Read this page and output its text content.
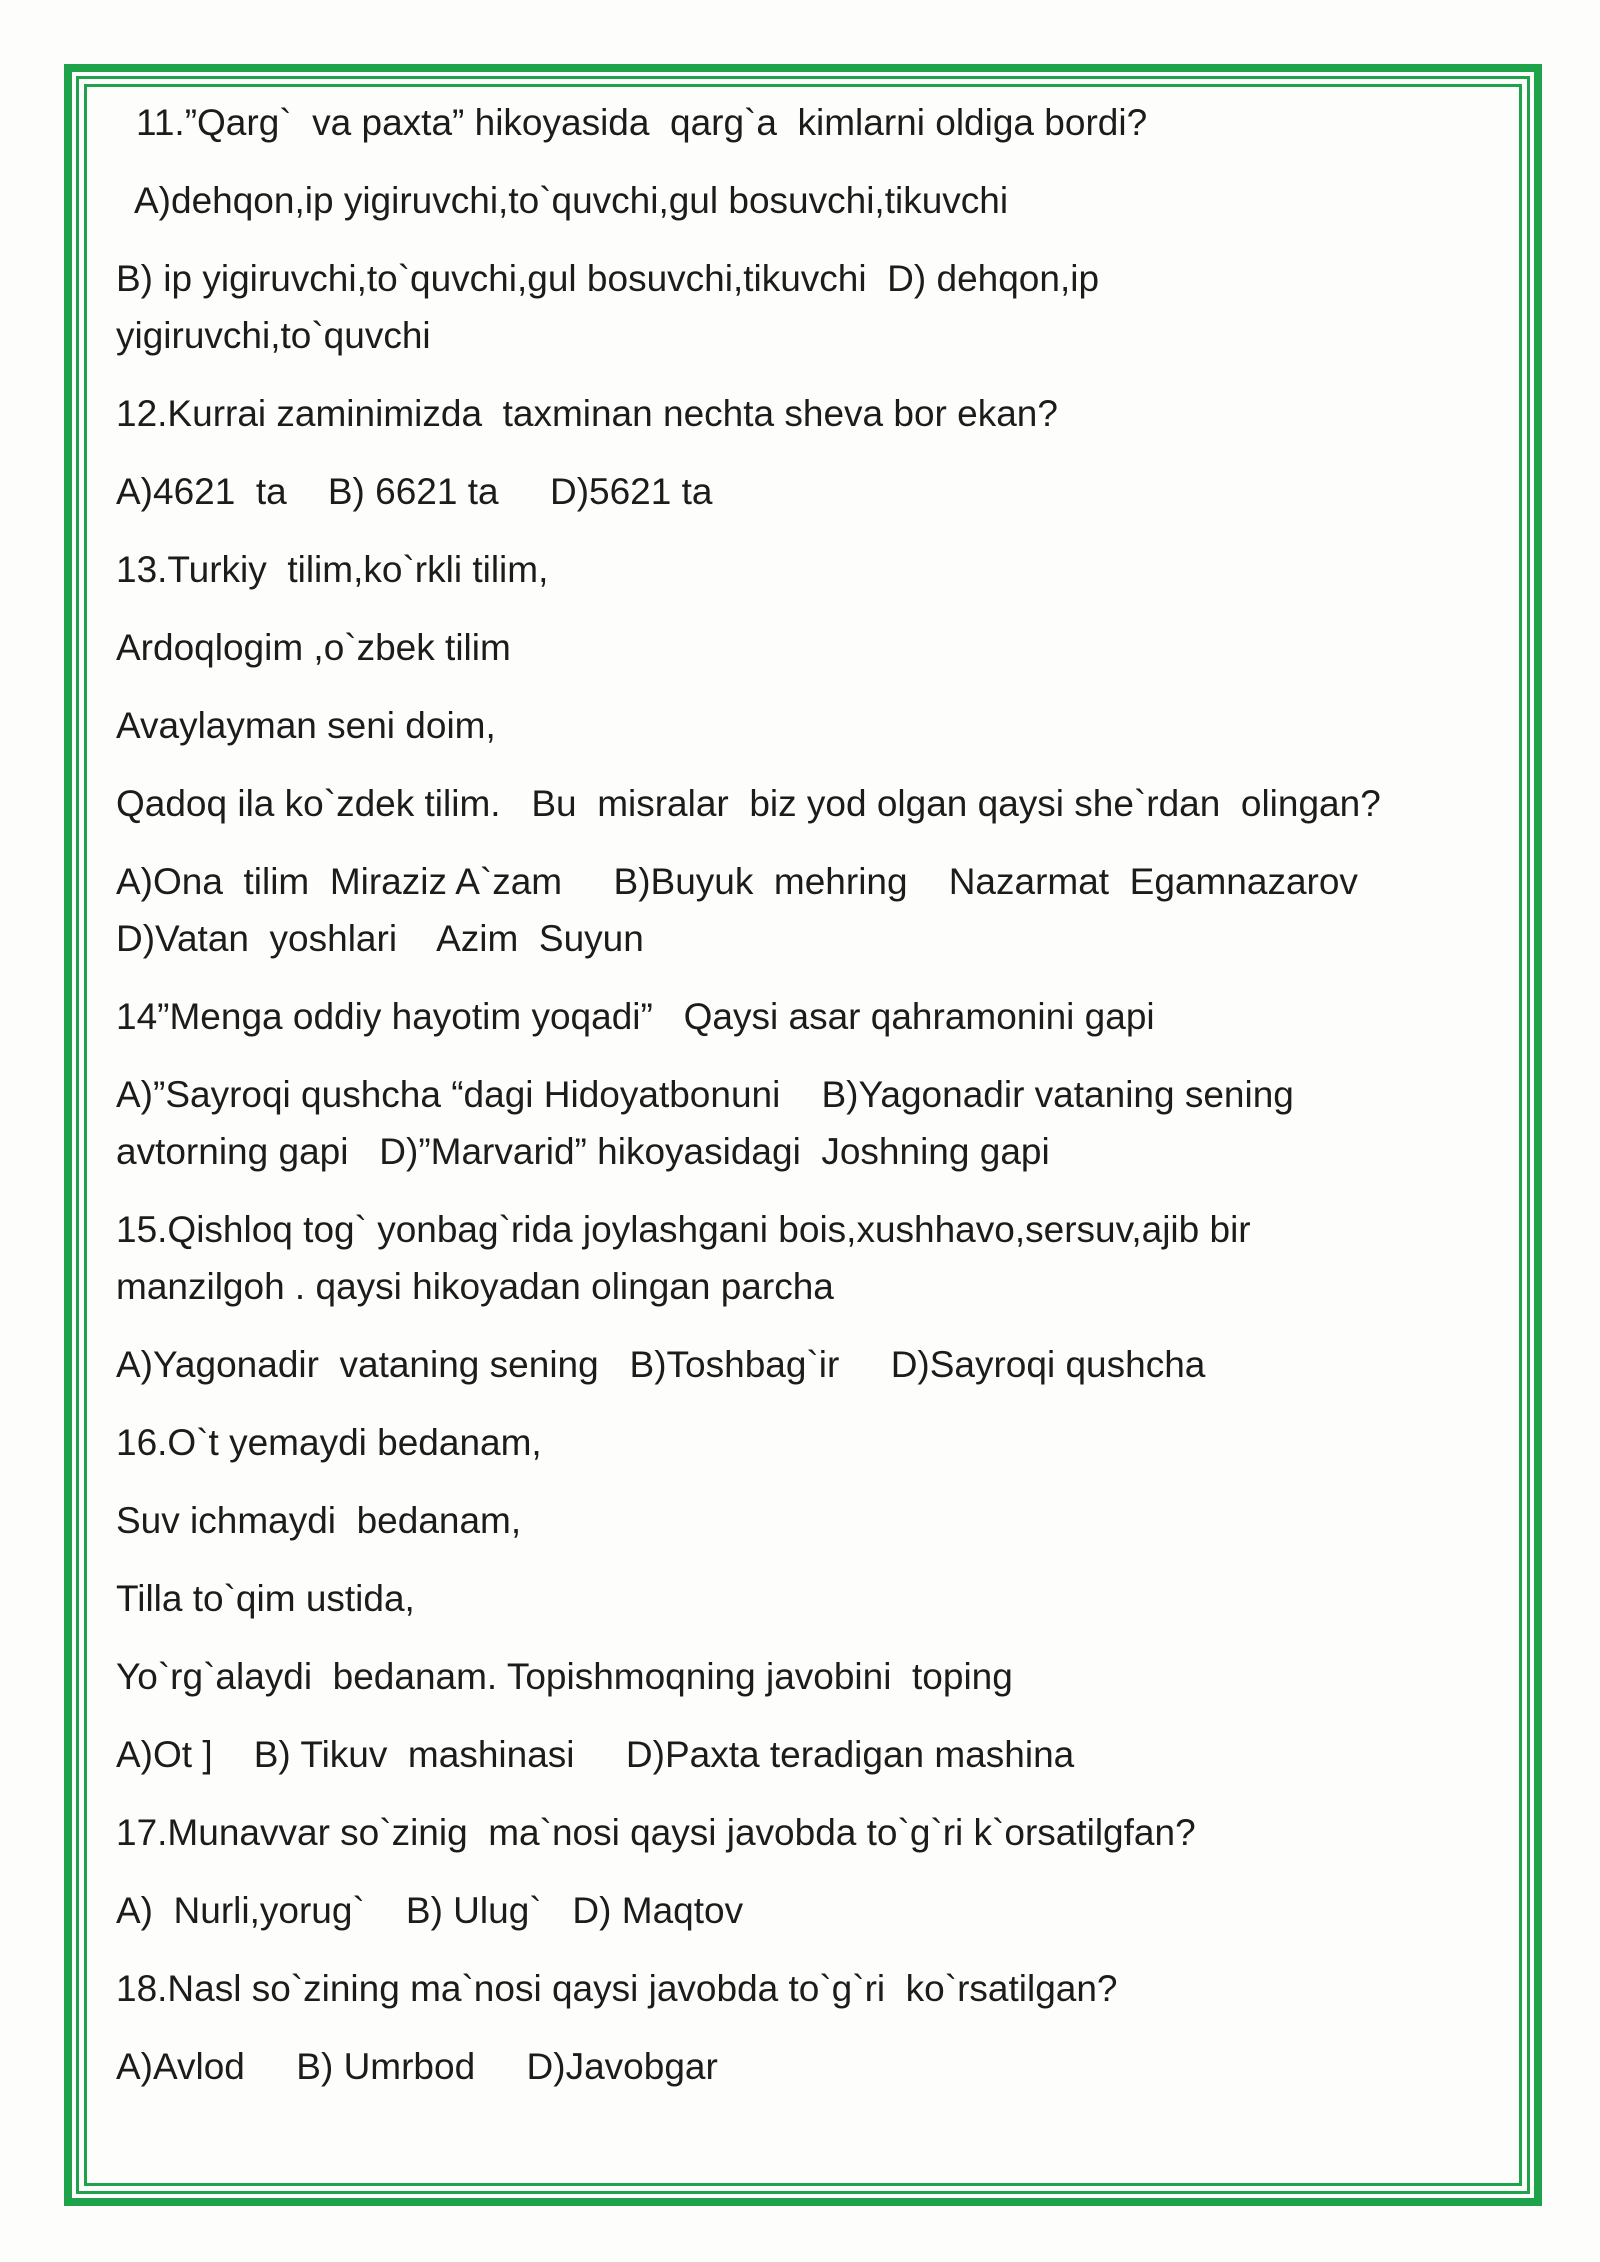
11.”Qarg`  va paxta” hikoyasida  qarg`a  kimlarni oldiga bordi?
A)dehqon,ip yigiruvchi,to`quvchi,gul bosuvchi,tikuvchi
B) ip yigiruvchi,to`quvchi,gul bosuvchi,tikuvchi  D) dehqon,ip
yigiruvchi,to`quvchi
12.Kurrai zaminimizda  taxminan nechta sheva bor ekan?
A)4621  ta    B) 6621 ta     D)5621 ta
13.Turkiy  tilim,ko`rkli tilim,
Ardoqlogim ,o`zbek tilim
Avaylayman seni doim,
Qadoq ila ko`zdek tilim.   Bu  misralar  biz yod olgan qaysi she`rdan  olingan?
A)Ona  tilim  Miraziz A`zam     B)Buyuk  mehring    Nazarmat  Egamnazarov
D)Vatan  yoshlari    Azim  Suyun
14”Menga oddiy hayotim yoqadi”   Qaysi asar qahramonini gapi
A)”Sayroqi qushcha “dagi Hidoyatbonuni    B)Yagonadir vataning sening
avtorning gapi   D)”Marvarid” hikoyasidagi  Joshning gapi
15.Qishloq tog` yonbag`rida joylashgani bois,xushhavo,sersuv,ajib bir
manzilgoh . qaysi hikoyadan olingan parcha
A)Yagonadir  vataning sening   B)Toshbag`ir     D)Sayroqi qushcha
16.O`t yemaydi bedanam,
Suv ichmaydi  bedanam,
Tilla to`qim ustida,
Yo`rg`alaydi  bedanam. Topishmoqning javobini  toping
A)Ot ]    B) Tikuv  mashinasi     D)Paxta teradigan mashina
17.Munavvar so`zinig  ma`nosi qaysi javobda to`g`ri k`orsatilgfan?
A)  Nurli,yorug`    B) Ulug`   D) Maqtov
18.Nasl so`zining ma`nosi qaysi javobda to`g`ri  ko`rsatilgan?
A)Avlod     B) Umrbod     D)Javobgar
